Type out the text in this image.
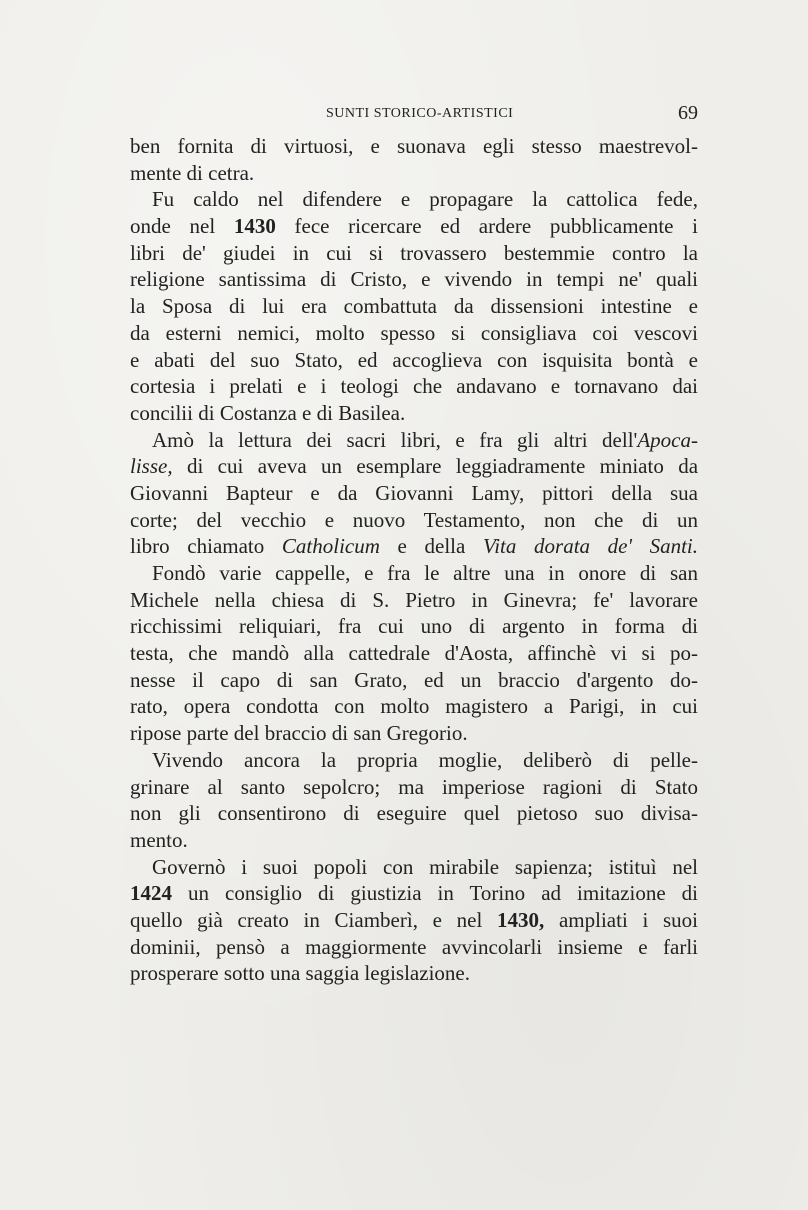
SUNTI STORICO-ARTISTICI	69
ben fornita di virtuosi, e suonava egli stesso maestrevol-
mente di cetra.
Fu caldo nel difendere e propagare la cattolica fede,
onde nel 1430 fece ricercare ed ardere pubblicamente i
libri de' giudei in cui si trovassero bestemmie contro la
religione santissima di Cristo, e vivendo in tempi ne' quali
la Sposa di lui era combattuta da dissensioni intestine e
da esterni nemici, molto spesso si consigliava coi vescovi
e abati del suo Stato, ed accoglieva con isquisita bontà e
cortesia i prelati e i teologi che andavano e tornavano dai
concilii di Costanza e di Basilea.
Amò la lettura dei sacri libri, e fra gli altri dell'Apoca-
lisse, di cui aveva un esemplare leggiadramente miniato da
Giovanni Bapteur e da Giovanni Lamy, pittori della sua
corte; del vecchio e nuovo Testamento, non che di un
libro chiamato Catholicum e della Vita dorata de' Santi.
Fondò varie cappelle, e fra le altre una in onore di san
Michele nella chiesa di S. Pietro in Ginevra; fe' lavorare
ricchissimi reliquiari, fra cui uno di argento in forma di
testa, che mandò alla cattedrale d'Aosta, affinchè vi si po-
nesse il capo di san Grato, ed un braccio d'argento do-
rato, opera condotta con molto magistero a Parigi, in cui
ripose parte del braccio di san Gregorio.
Vivendo ancora la propria moglie, deliberò di pelle-
grinare al santo sepolcro; ma imperiose ragioni di Stato
non gli consentirono di eseguire quel pietoso suo divisa-
mento.
Governò i suoi popoli con mirabile sapienza; istituì nel
1424 un consiglio di giustizia in Torino ad imitazione di
quello già creato in Ciamberì, e nel 1430, ampliati i suoi
dominii, pensò a maggiormente avvincolarli insieme e farli
prosperare sotto una saggia legislazione.
